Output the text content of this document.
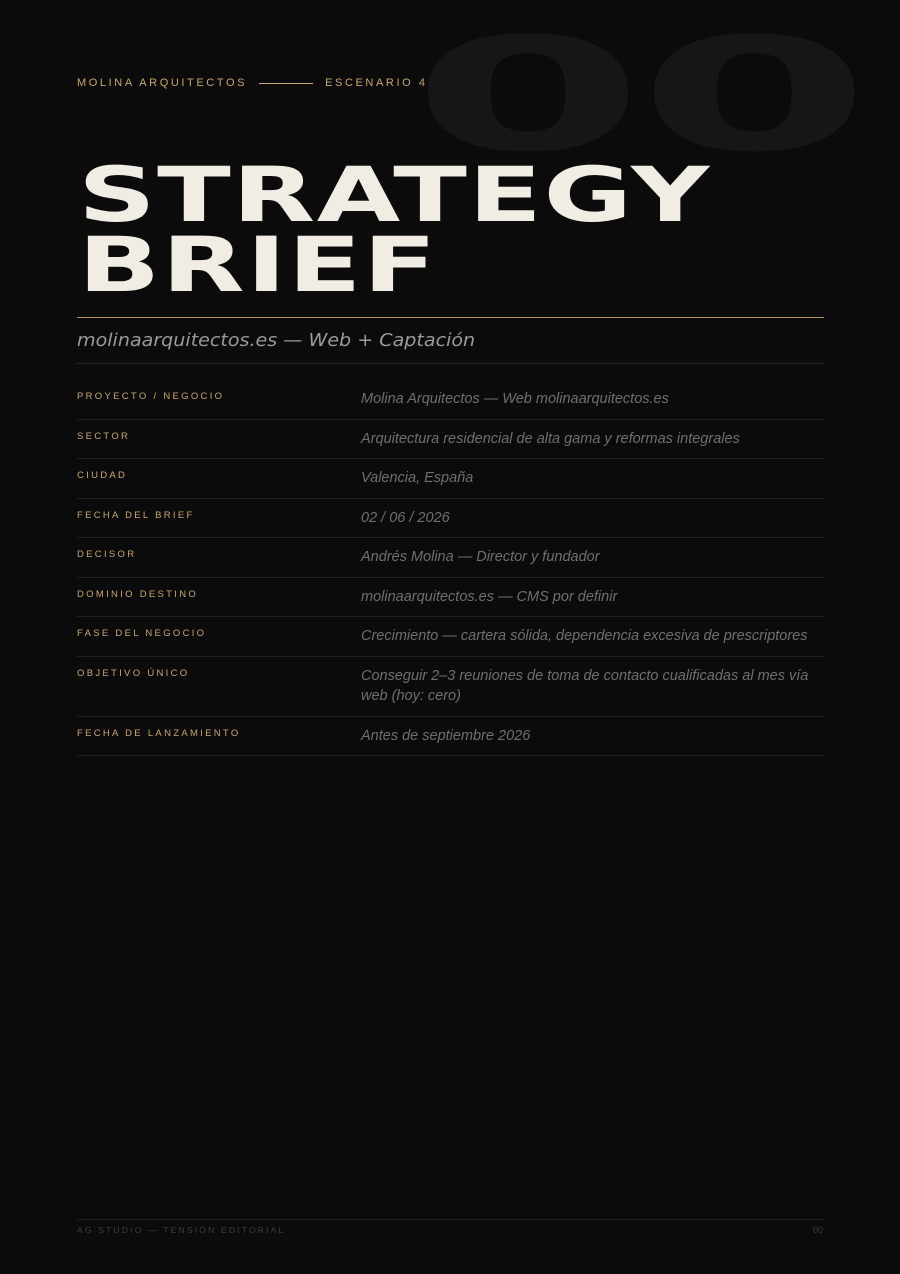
00
MOLINA ARQUITECTOS	ESCENARIO 4
STRATEGY
BRIEF
molinaarquitectos.es — Web + Captación
PROYECTO / NEGOCIO	Molina Arquitectos — Web molinaarquitectos.es
SECTOR	Arquitectura residencial de alta gama y reformas integrales
CIUDAD	Valencia, España
FECHA DEL BRIEF	02 / 06 / 2026
DECISOR	Andrés Molina — Director y fundador
DOMINIO DESTINO	molinaarquitectos.es — CMS por definir
FASE DEL NEGOCIO	Crecimiento — cartera sólida, dependencia excesiva de prescriptores
OBJETIVO ÚNICO	Conseguir 2–3 reuniones de toma de contacto cualificadas al mes vía web (hoy: cero)
FECHA DE LANZAMIENTO	Antes de septiembre 2026
AG STUDIO — TENSIÓN EDITORIAL	00
